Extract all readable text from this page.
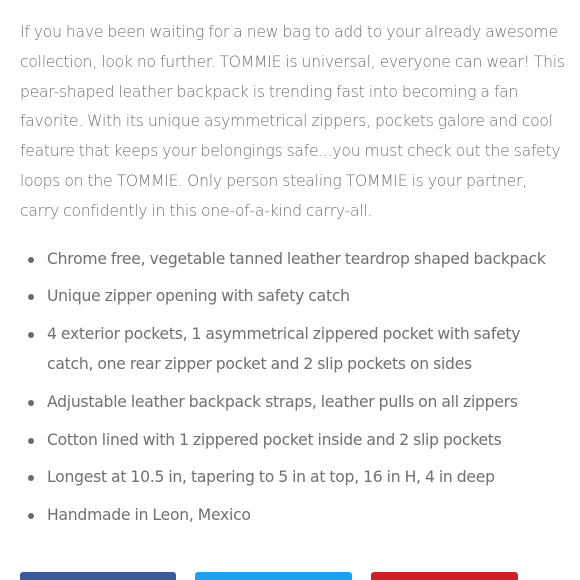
If you have been waiting for a new bag to add to your already awesome collection, look no further. TOMMIE is universal, everyone can wear! This pear-shaped leather backpack is trending fast into becoming a fan favorite. With its unique asymmetrical zippers, pockets galore and cool feature that keeps your belongings safe...you must check out the safety loops on the TOMMIE. Only person stealing TOMMIE is your partner, carry confidently in this one-of-a-kind carry-all.

Chrome free, vegetable tanned leather teardrop shaped backpack
Unique zipper opening with safety catch
4 exterior pockets, 1 asymmetrical zippered pocket with safety catch, one rear zipper pocket and 2 slip pockets on sides
Adjustable leather backpack straps, leather pulls on all zippers
Cotton lined with 1 zippered pocket inside and 2 slip pockets
Longest at 10.5 in, tapering to 5 in at top, 16 in H, 4 in deep
Handmade in Leon, Mexico
